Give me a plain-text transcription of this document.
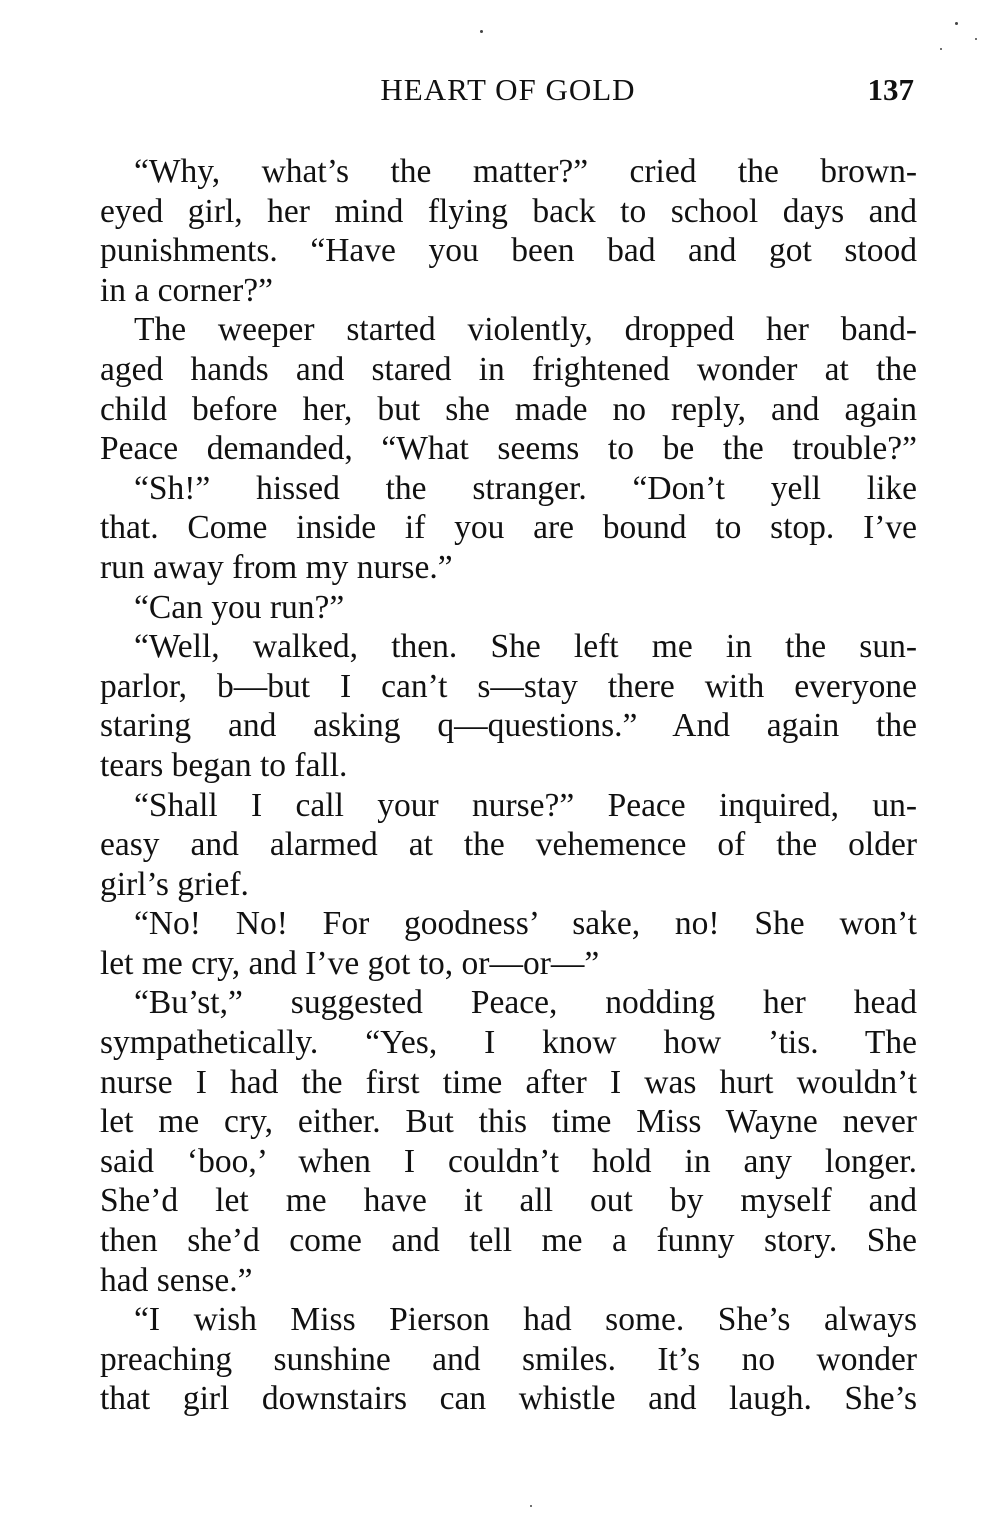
HEART OF GOLD	137
“Why, what’s the matter?” cried the brown-
eyed girl, her mind flying back to school days and
punishments. “Have you been bad and got stood
in a corner?”
The weeper started violently, dropped her band-
aged hands and stared in frightened wonder at the
child before her, but she made no reply, and again
Peace demanded, “What seems to be the trouble?”
“Sh!” hissed the stranger. “Don’t yell like
that. Come inside if you are bound to stop. I’ve
run away from my nurse.”
“Can you run?”
“Well, walked, then. She left me in the sun-
parlor, b—but I can’t s—stay there with everyone
staring and asking q—questions.” And again the
tears began to fall.
“Shall I call your nurse?” Peace inquired, un-
easy and alarmed at the vehemence of the older
girl’s grief.
“No! No! For goodness’ sake, no! She won’t
let me cry, and I’ve got to, or—or—”
“Bu’st,” suggested Peace, nodding her head
sympathetically. “Yes, I know how ’tis. The
nurse I had the first time after I was hurt wouldn’t
let me cry, either. But this time Miss Wayne never
said ‘boo,’ when I couldn’t hold in any longer.
She’d let me have it all out by myself and
then she’d come and tell me a funny story. She
had sense.”
“I wish Miss Pierson had some. She’s always
preaching sunshine and smiles. It’s no wonder
that girl downstairs can whistle and laugh. She’s
